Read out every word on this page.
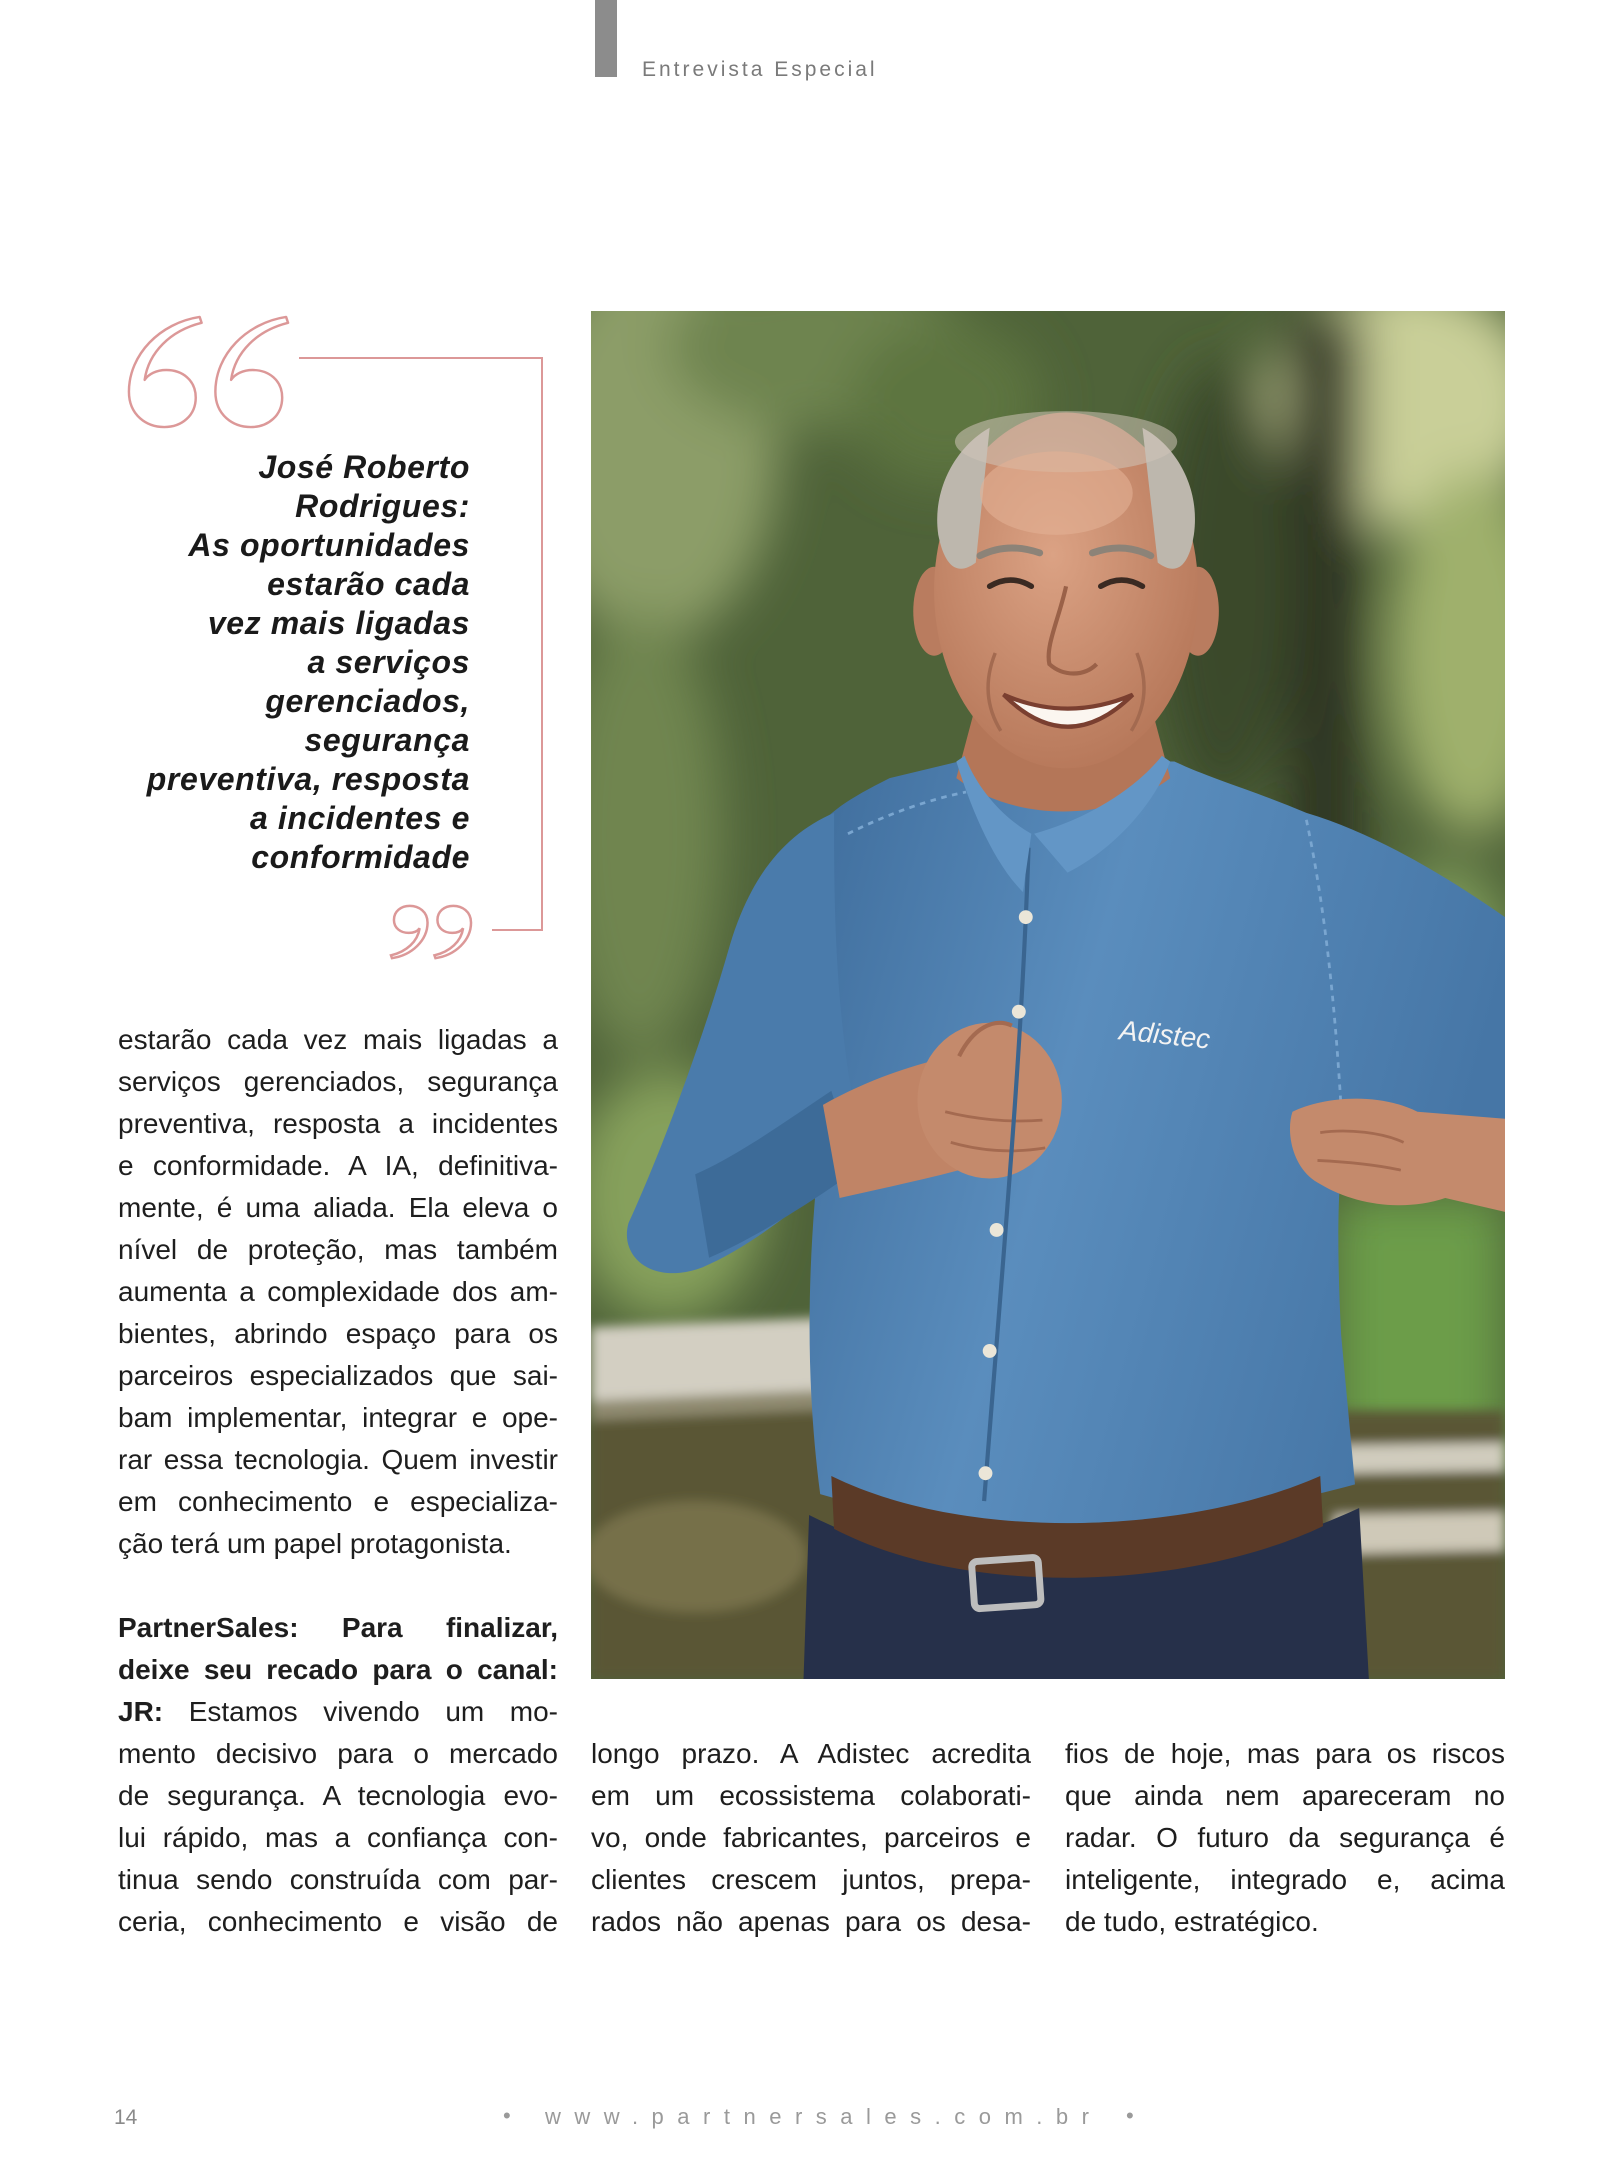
Entrevista Especial
José Roberto
Rodrigues:
As oportunidades
estarão cada
vez mais ligadas
a serviços
gerenciados,
segurança
preventiva, resposta
a incidentes e
conformidade
Adistec
estarão cada vez mais ligadas a
serviços gerenciados, segurança
preventiva, resposta a incidentes
e conformidade. A IA, definitiva-
mente, é uma aliada. Ela eleva o
nível de proteção, mas também
aumenta a complexidade dos am-
bientes, abrindo espaço para os
parceiros especializados que sai-
bam implementar, integrar e ope-
rar essa tecnologia. Quem investir
em conhecimento e especializa-
ção terá um papel protagonista.
PartnerSales: Para finalizar,
deixe seu recado para o canal:
JR: Estamos vivendo um mo-
mento decisivo para o mercado
de segurança. A tecnologia evo-
lui rápido, mas a confiança con-
tinua sendo construída com par-
ceria, conhecimento e visão de
longo prazo. A Adistec acredita
em um ecossistema colaborati-
vo, onde fabricantes, parceiros e
clientes crescem juntos, prepa-
rados não apenas para os desa-
fios de hoje, mas para os riscos
que ainda nem apareceram no
radar. O futuro da segurança é
inteligente, integrado e, acima
de tudo, estratégico.
14	• www.partnersales.com.br •
